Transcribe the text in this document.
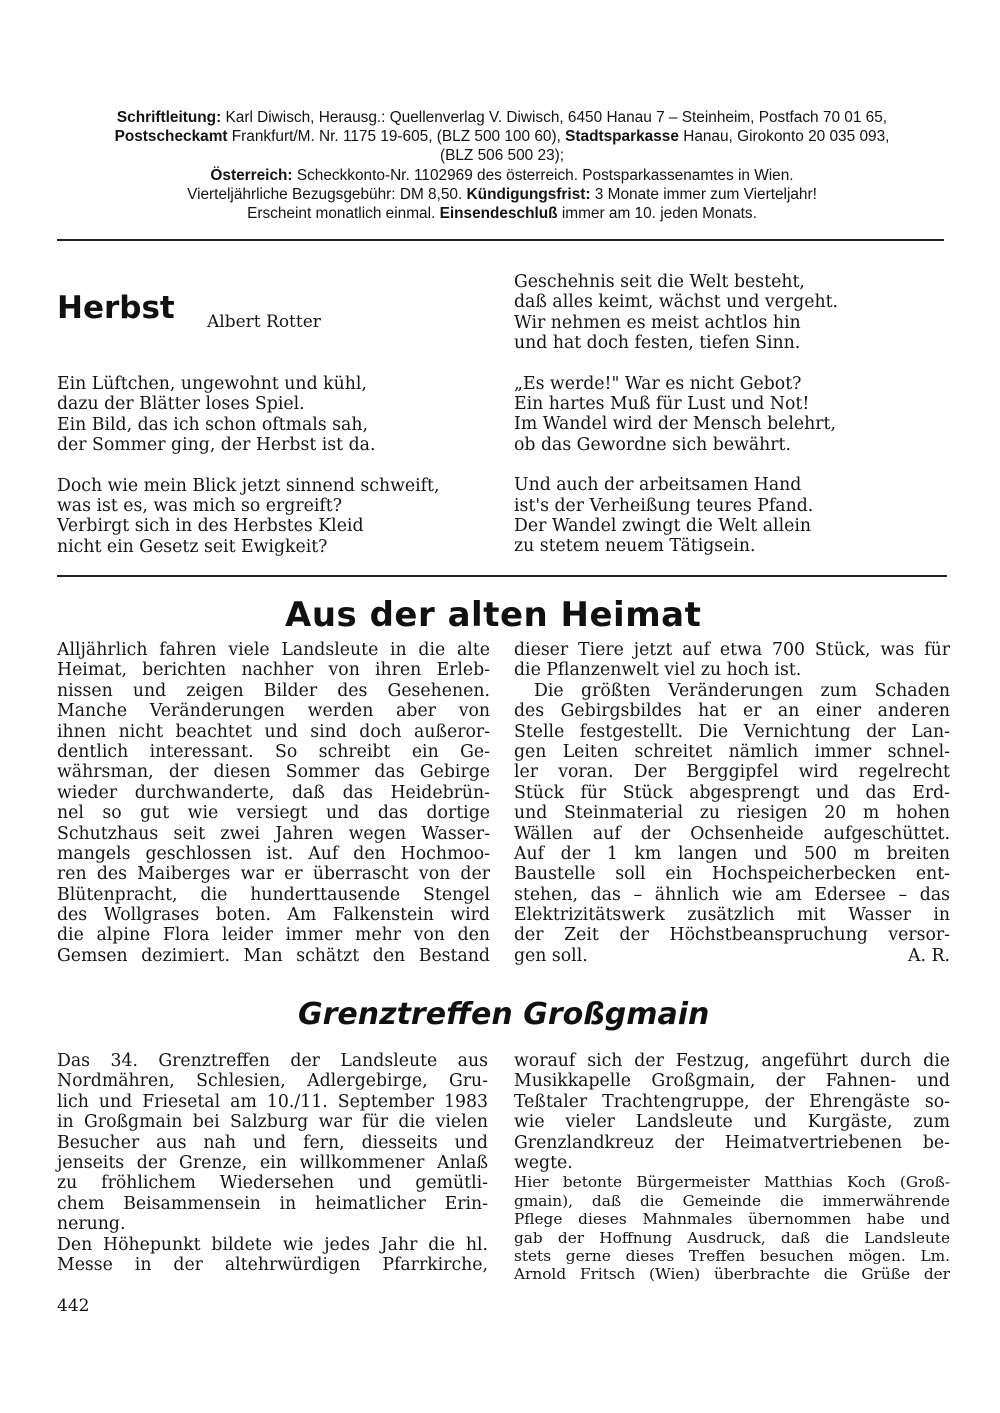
Schriftleitung: Karl Diwisch, Herausg.: Quellenverlag V. Diwisch, 6450 Hanau 7 – Steinheim, Postfach 70 01 65,
Postscheckamt Frankfurt/M. Nr. 1175 19-605, (BLZ 500 100 60), Stadtsparkasse Hanau, Girokonto 20 035 093,
(BLZ 506 500 23);
Österreich: Scheckkonto-Nr. 1102969 des österreich. Postsparkassenamtes in Wien.
Vierteljährliche Bezugsgebühr: DM 8,50. Kündigungsfrist: 3 Monate immer zum Vierteljahr!
Erscheint monatlich einmal. Einsendeschluß immer am 10. jeden Monats.
Herbst Albert Rotter
Ein Lüftchen, ungewohnt und kühl,
dazu der Blätter loses Spiel.
Ein Bild, das ich schon oftmals sah,
der Sommer ging, der Herbst ist da.
Doch wie mein Blick jetzt sinnend schweift,
was ist es, was mich so ergreift?
Verbirgt sich in des Herbstes Kleid
nicht ein Gesetz seit Ewigkeit?
Geschehnis seit die Welt besteht,
daß alles keimt, wächst und vergeht.
Wir nehmen es meist achtlos hin
und hat doch festen, tiefen Sinn.
„Es werde!" War es nicht Gebot?
Ein hartes Muß für Lust und Not!
Im Wandel wird der Mensch belehrt,
ob das Gewordne sich bewährt.
Und auch der arbeitsamen Hand
ist's der Verheißung teures Pfand.
Der Wandel zwingt die Welt allein
zu stetem neuem Tätigsein.
Aus der alten Heimat
Alljährlich fahren viele Landsleute in die alte
Heimat, berichten nachher von ihren Erleb-
nissen und zeigen Bilder des Gesehenen.
Manche Veränderungen werden aber von
ihnen nicht beachtet und sind doch außeror-
dentlich interessant. So schreibt ein Ge-
währsman, der diesen Sommer das Gebirge
wieder durchwanderte, daß das Heidebrün-
nel so gut wie versiegt und das dortige
Schutzhaus seit zwei Jahren wegen Wasser-
mangels geschlossen ist. Auf den Hochmoo-
ren des Maiberges war er überrascht von der
Blütenpracht, die hunderttausende Stengel
des Wollgrases boten. Am Falkenstein wird
die alpine Flora leider immer mehr von den
Gemsen dezimiert. Man schätzt den Bestand
dieser Tiere jetzt auf etwa 700 Stück, was für
die Pflanzenwelt viel zu hoch ist.
Die größten Veränderungen zum Schaden
des Gebirgsbildes hat er an einer anderen
Stelle festgestellt. Die Vernichtung der Lan-
gen Leiten schreitet nämlich immer schnel-
ler voran. Der Berggipfel wird regelrecht
Stück für Stück abgesprengt und das Erd-
und Steinmaterial zu riesigen 20 m hohen
Wällen auf der Ochsenheide aufgeschüttet.
Auf der 1 km langen und 500 m breiten
Baustelle soll ein Hochspeicherbecken ent-
stehen, das – ähnlich wie am Edersee – das
Elektrizitätswerk zusätzlich mit Wasser in
der Zeit der Höchstbeanspruchung versor-
gen soll.	A. R.
Grenztreffen Großgmain
Das 34. Grenztreffen der Landsleute aus
Nordmähren, Schlesien, Adlergebirge, Gru-
lich und Friesetal am 10./11. September 1983
in Großgmain bei Salzburg war für die vielen
Besucher aus nah und fern, diesseits und
jenseits der Grenze, ein willkommener Anlaß
zu fröhlichem Wiedersehen und gemütli-
chem Beisammensein in heimatlicher Erin-
nerung.
Den Höhepunkt bildete wie jedes Jahr die hl.
Messe in der altehrwürdigen Pfarrkirche,
worauf sich der Festzug, angeführt durch die
Musikkapelle Großgmain, der Fahnen- und
Teßtaler Trachtengruppe, der Ehrengäste so-
wie vieler Landsleute und Kurgäste, zum
Grenzlandkreuz der Heimatvertriebenen be-
wegte.
Hier betonte Bürgermeister Matthias Koch (Groß-
gmain), daß die Gemeinde die immerwährende
Pflege dieses Mahnmales übernommen habe und
gab der Hoffnung Ausdruck, daß die Landsleute
stets gerne dieses Treffen besuchen mögen. Lm.
Arnold Fritsch (Wien) überbrachte die Grüße der
442
